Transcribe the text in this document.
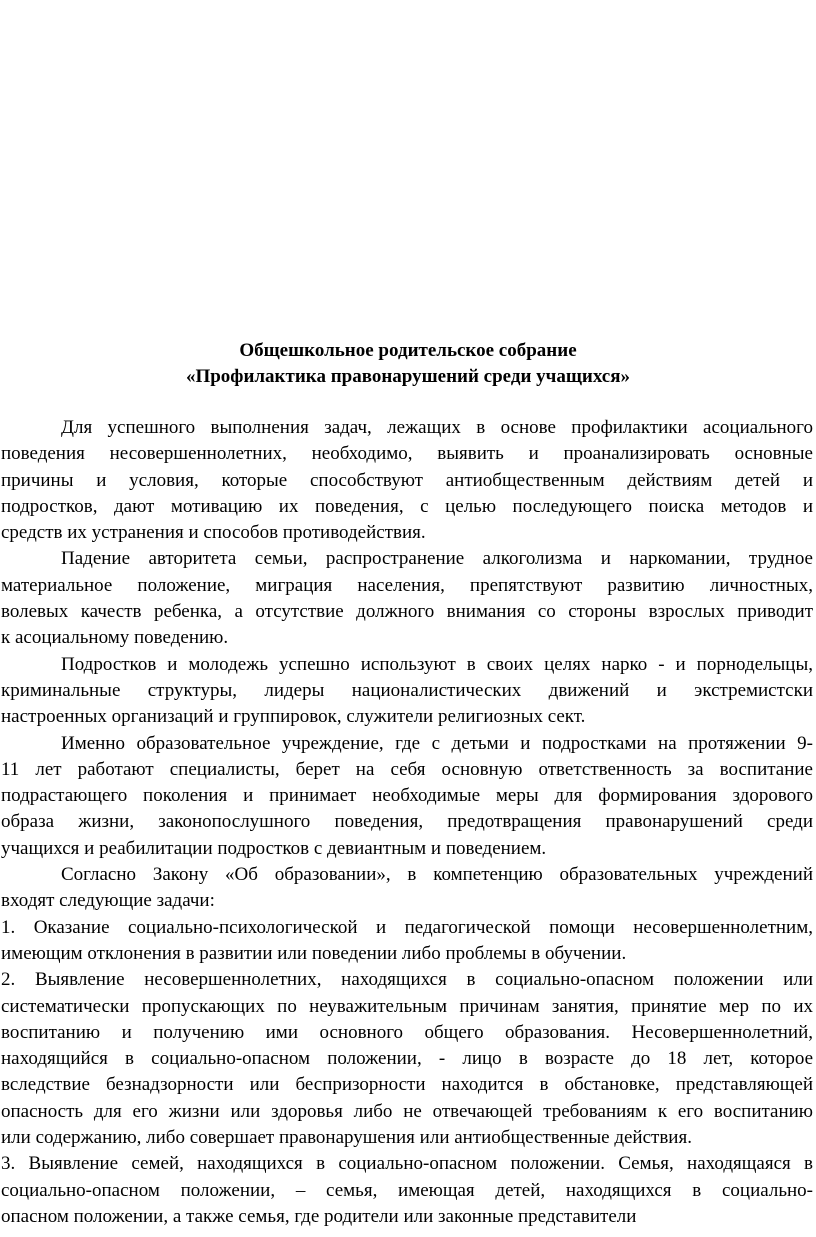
Общешкольное родительское собрание
«Профилактика правонарушений среди учащихся»
Для успешного выполнения задач, лежащих в основе профилактики асоциального
поведения несовершеннолетних, необходимо, выявить и проанализировать основные
причины и условия, которые способствуют антиобщественным действиям детей и
подростков, дают мотивацию их поведения, с целью последующего поиска методов и
средств их устранения и способов противодействия.
Падение авторитета семьи, распространение алкоголизма и наркомании, трудное
материальное положение, миграция населения, препятствуют развитию личностных,
волевых качеств ребенка, а отсутствие должного внимания со стороны взрослых приводит
к асоциальному поведению.
Подростков и молодежь успешно используют в своих целях нарко - и порноделыцы,
криминальные структуры, лидеры националистических движений и экстремистски
настроенных организаций и группировок, служители религиозных сект.
Именно образовательное учреждение, где с детьми и подростками на протяжении 9-
11 лет работают специалисты, берет на себя основную ответственность за воспитание
подрастающего поколения и принимает необходимые меры для формирования здорового
образа жизни, законопослушного поведения, предотвращения правонарушений среди
учащихся и реабилитации подростков с девиантным и поведением.
Согласно Закону «Об образовании», в компетенцию образовательных учреждений
входят следующие задачи:
1. Оказание социально-психологической и педагогической помощи несовершеннолетним,
имеющим отклонения в развитии или поведении либо проблемы в обучении.
2. Выявление несовершеннолетних, находящихся в социально-опасном положении или
систематически пропускающих по неуважительным причинам занятия, принятие мер по их
воспитанию и получению ими основного общего образования. Несовершеннолетний,
находящийся в социально-опасном положении, - лицо в возрасте до 18 лет, которое
вследствие безнадзорности или беспризорности находится в обстановке, представляющей
опасность для его жизни или здоровья либо не отвечающей требованиям к его воспитанию
или содержанию, либо совершает правонарушения или антиобщественные действия.
3. Выявление семей, находящихся в социально-опасном положении. Семья, находящаяся в
социально-опасном положении, – семья, имеющая детей, находящихся в социально-
опасном положении, а также семья, где родители или законные представители
